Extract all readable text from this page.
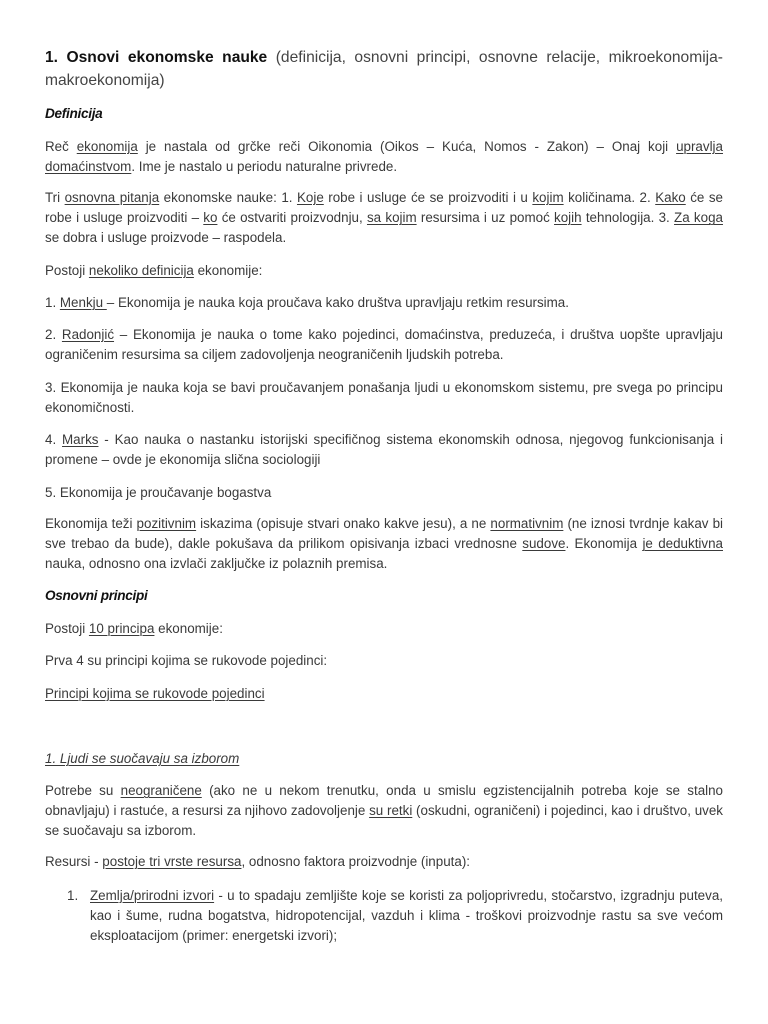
1. Osnovi ekonomske nauke (definicija, osnovni principi, osnovne relacije, mikroekonomija-makroekonomija)

Definicija

Reč ekonomija je nastala od grčke reči Oikonomia (Oikos – Kuća, Nomos - Zakon) – Onaj koji upravlja domaćinstvom. Ime je nastalo u periodu naturalne privrede.

Tri osnovna pitanja ekonomske nauke: 1. Koje robe i usluge će se proizvoditi i u kojim količinama. 2. Kako će se robe i usluge proizvoditi – ko će ostvariti proizvodnju, sa kojim resursima i uz pomoć kojih tehnologija. 3. Za koga se dobra i usluge proizvode – raspodela.

Postoji nekoliko definicija ekonomije:

1. Menkju – Ekonomija je nauka koja proučava kako društva upravljaju retkim resursima.

2. Radonjić – Ekonomija je nauka o tome kako pojedinci, domaćinstva, preduzeća, i društva uopšte upravljaju ograničenim resursima sa ciljem zadovoljenja neograničenih ljudskih potreba.

3. Ekonomija je nauka koja se bavi proučavanjem ponašanja ljudi u ekonomskom sistemu, pre svega po principu ekonomičnosti.

4. Marks - Kao nauka o nastanku istorijski specifičnog sistema ekonomskih odnosa, njegovog funkcionisanja i promene – ovde je ekonomija slična sociologiji

5. Ekonomija je proučavanje bogastva

Ekonomija teži pozitivnim iskazima (opisuje stvari onako kakve jesu), a ne normativnim (ne iznosi tvrdnje kakav bi sve trebao da bude), dakle pokušava da prilikom opisivanja izbaci vrednosne sudove. Ekonomija je deduktivna nauka, odnosno ona izvlači zaključke iz polaznih premisa.

Osnovni principi

Postoji 10 principa ekonomije:

Prva 4 su principi kojima se rukovode pojedinci:

Principi kojima se rukovode pojedinci

1. Ljudi se suočavaju sa izborom

Potrebe su neograničene (ako ne u nekom trenutku, onda u smislu egzistencijalnih potreba koje se stalno obnavljaju) i rastuće, a resursi za njihovo zadovoljenje su retki (oskudni, ograničeni) i pojedinci, kao i društvo, uvek se suočavaju sa izborom.

Resursi - postoje tri vrste resursa, odnosno faktora proizvodnje (inputa):

1. Zemlja/prirodni izvori - u to spadaju zemljište koje se koristi za poljoprivredu, stočarstvo, izgradnju puteva, kao i šume, rudna bogatstva, hidropotencijal, vazduh i klima - troškovi proizvodnje rastu sa sve većom eksploatacijom (primer: energetski izvori);
